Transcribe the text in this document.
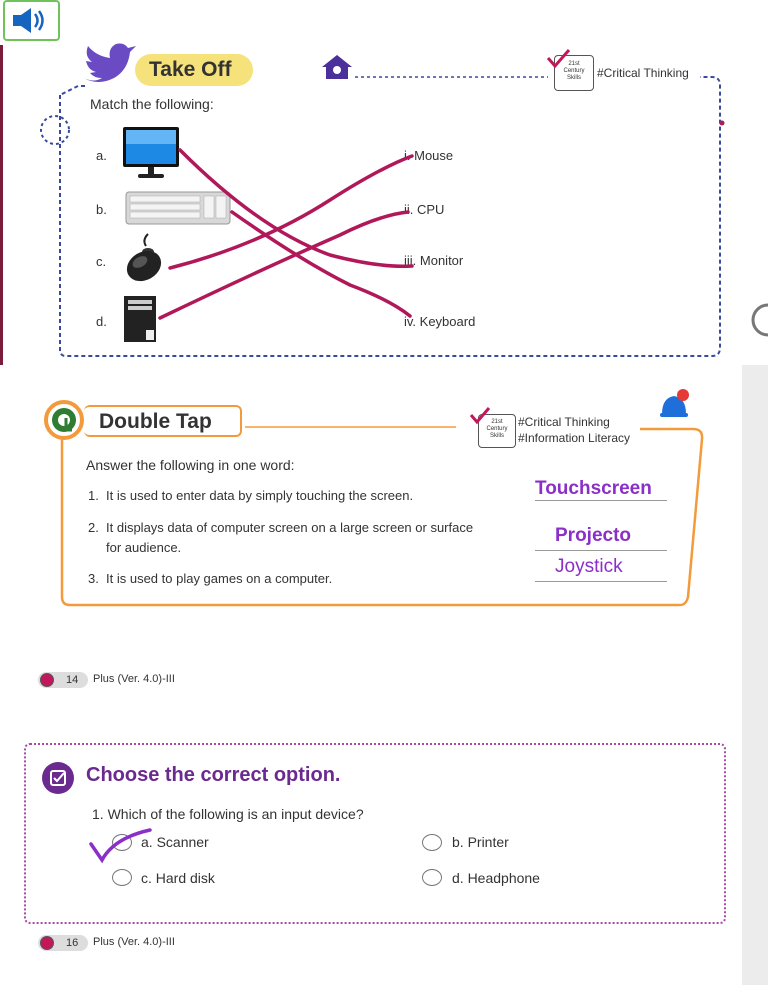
Take Off	21st
Century
Skills	#Critical Thinking
Match the following:
a.
b.
c.
d.
i. Mouse
ii. CPU
iii. Monitor
iv. Keyboard
Double Tap	21st
Century
Skills
#Critical Thinking
#Information Literacy
Answer the following in one word:
1. It is used to enter data by simply touching the screen.
2. It displays data of computer screen on a large screen or surface
for audience.
3. It is used to play games on a computer.
Touchscreen
Projecto
Joystick
14 Plus (Ver. 4.0)-III
Choose the correct option.
1. Which of the following is an input device?
a. Scanner	b. Printer
c. Hard disk	d. Headphone
16 Plus (Ver. 4.0)-III
